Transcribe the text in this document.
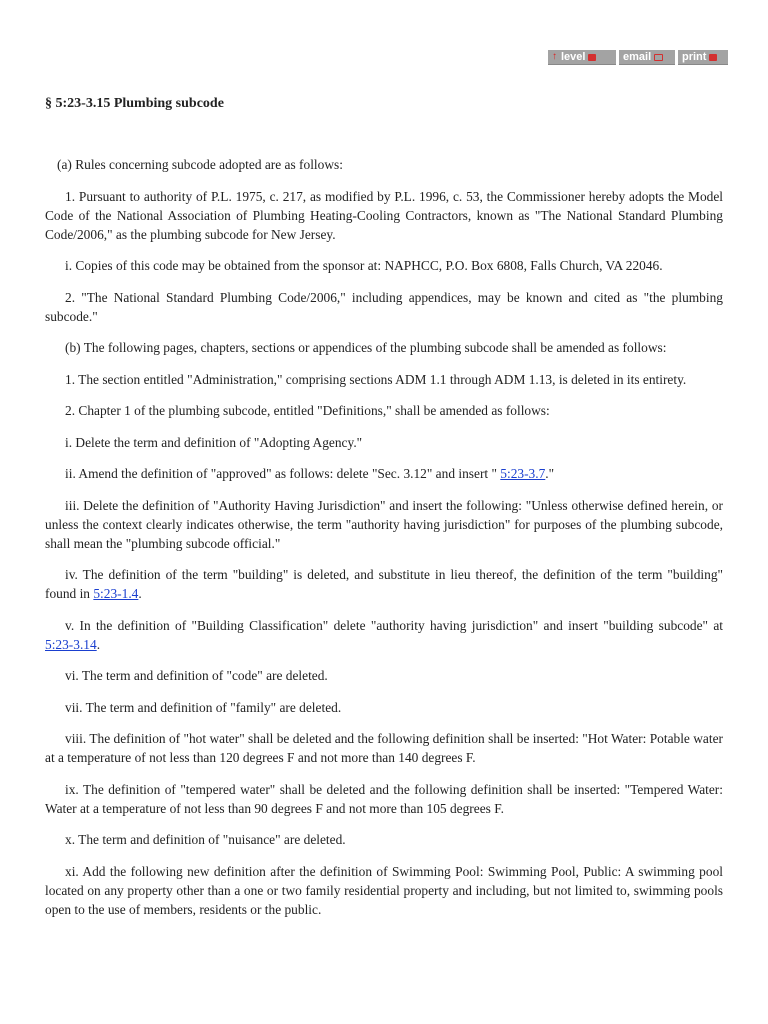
↑ level	email	print
§ 5:23-3.15 Plumbing subcode

(a) Rules concerning subcode adopted are as follows:

1. Pursuant to authority of P.L. 1975, c. 217, as modified by P.L. 1996, c. 53, the Commissioner hereby adopts the Model Code of the National Association of Plumbing Heating-Cooling Contractors, known as "The National Standard Plumbing Code/2006," as the plumbing subcode for New Jersey.

i. Copies of this code may be obtained from the sponsor at: NAPHCC, P.O. Box 6808, Falls Church, VA 22046.

2. "The National Standard Plumbing Code/2006," including appendices, may be known and cited as "the plumbing subcode."

(b) The following pages, chapters, sections or appendices of the plumbing subcode shall be amended as follows:

1. The section entitled "Administration," comprising sections ADM 1.1 through ADM 1.13, is deleted in its entirety.

2. Chapter 1 of the plumbing subcode, entitled "Definitions," shall be amended as follows:

i. Delete the term and definition of "Adopting Agency."

ii. Amend the definition of "approved" as follows: delete "Sec. 3.12" and insert " 5:23-3.7."

iii. Delete the definition of "Authority Having Jurisdiction" and insert the following: "Unless otherwise defined herein, or unless the context clearly indicates otherwise, the term "authority having jurisdiction" for purposes of the plumbing subcode, shall mean the "plumbing subcode official."

iv. The definition of the term "building" is deleted, and substitute in lieu thereof, the definition of the term "building" found in 5:23-1.4.

v. In the definition of "Building Classification" delete "authority having jurisdiction" and insert "building subcode" at 5:23-3.14.

vi. The term and definition of "code" are deleted.

vii. The term and definition of "family" are deleted.

viii. The definition of "hot water" shall be deleted and the following definition shall be inserted: "Hot Water: Potable water at a temperature of not less than 120 degrees F and not more than 140 degrees F.

ix. The definition of "tempered water" shall be deleted and the following definition shall be inserted: "Tempered Water: Water at a temperature of not less than 90 degrees F and not more than 105 degrees F.

x. The term and definition of "nuisance" are deleted.

xi. Add the following new definition after the definition of Swimming Pool: Swimming Pool, Public: A swimming pool located on any property other than a one or two family residential property and including, but not limited to, swimming pools open to the use of members, residents or the public.
